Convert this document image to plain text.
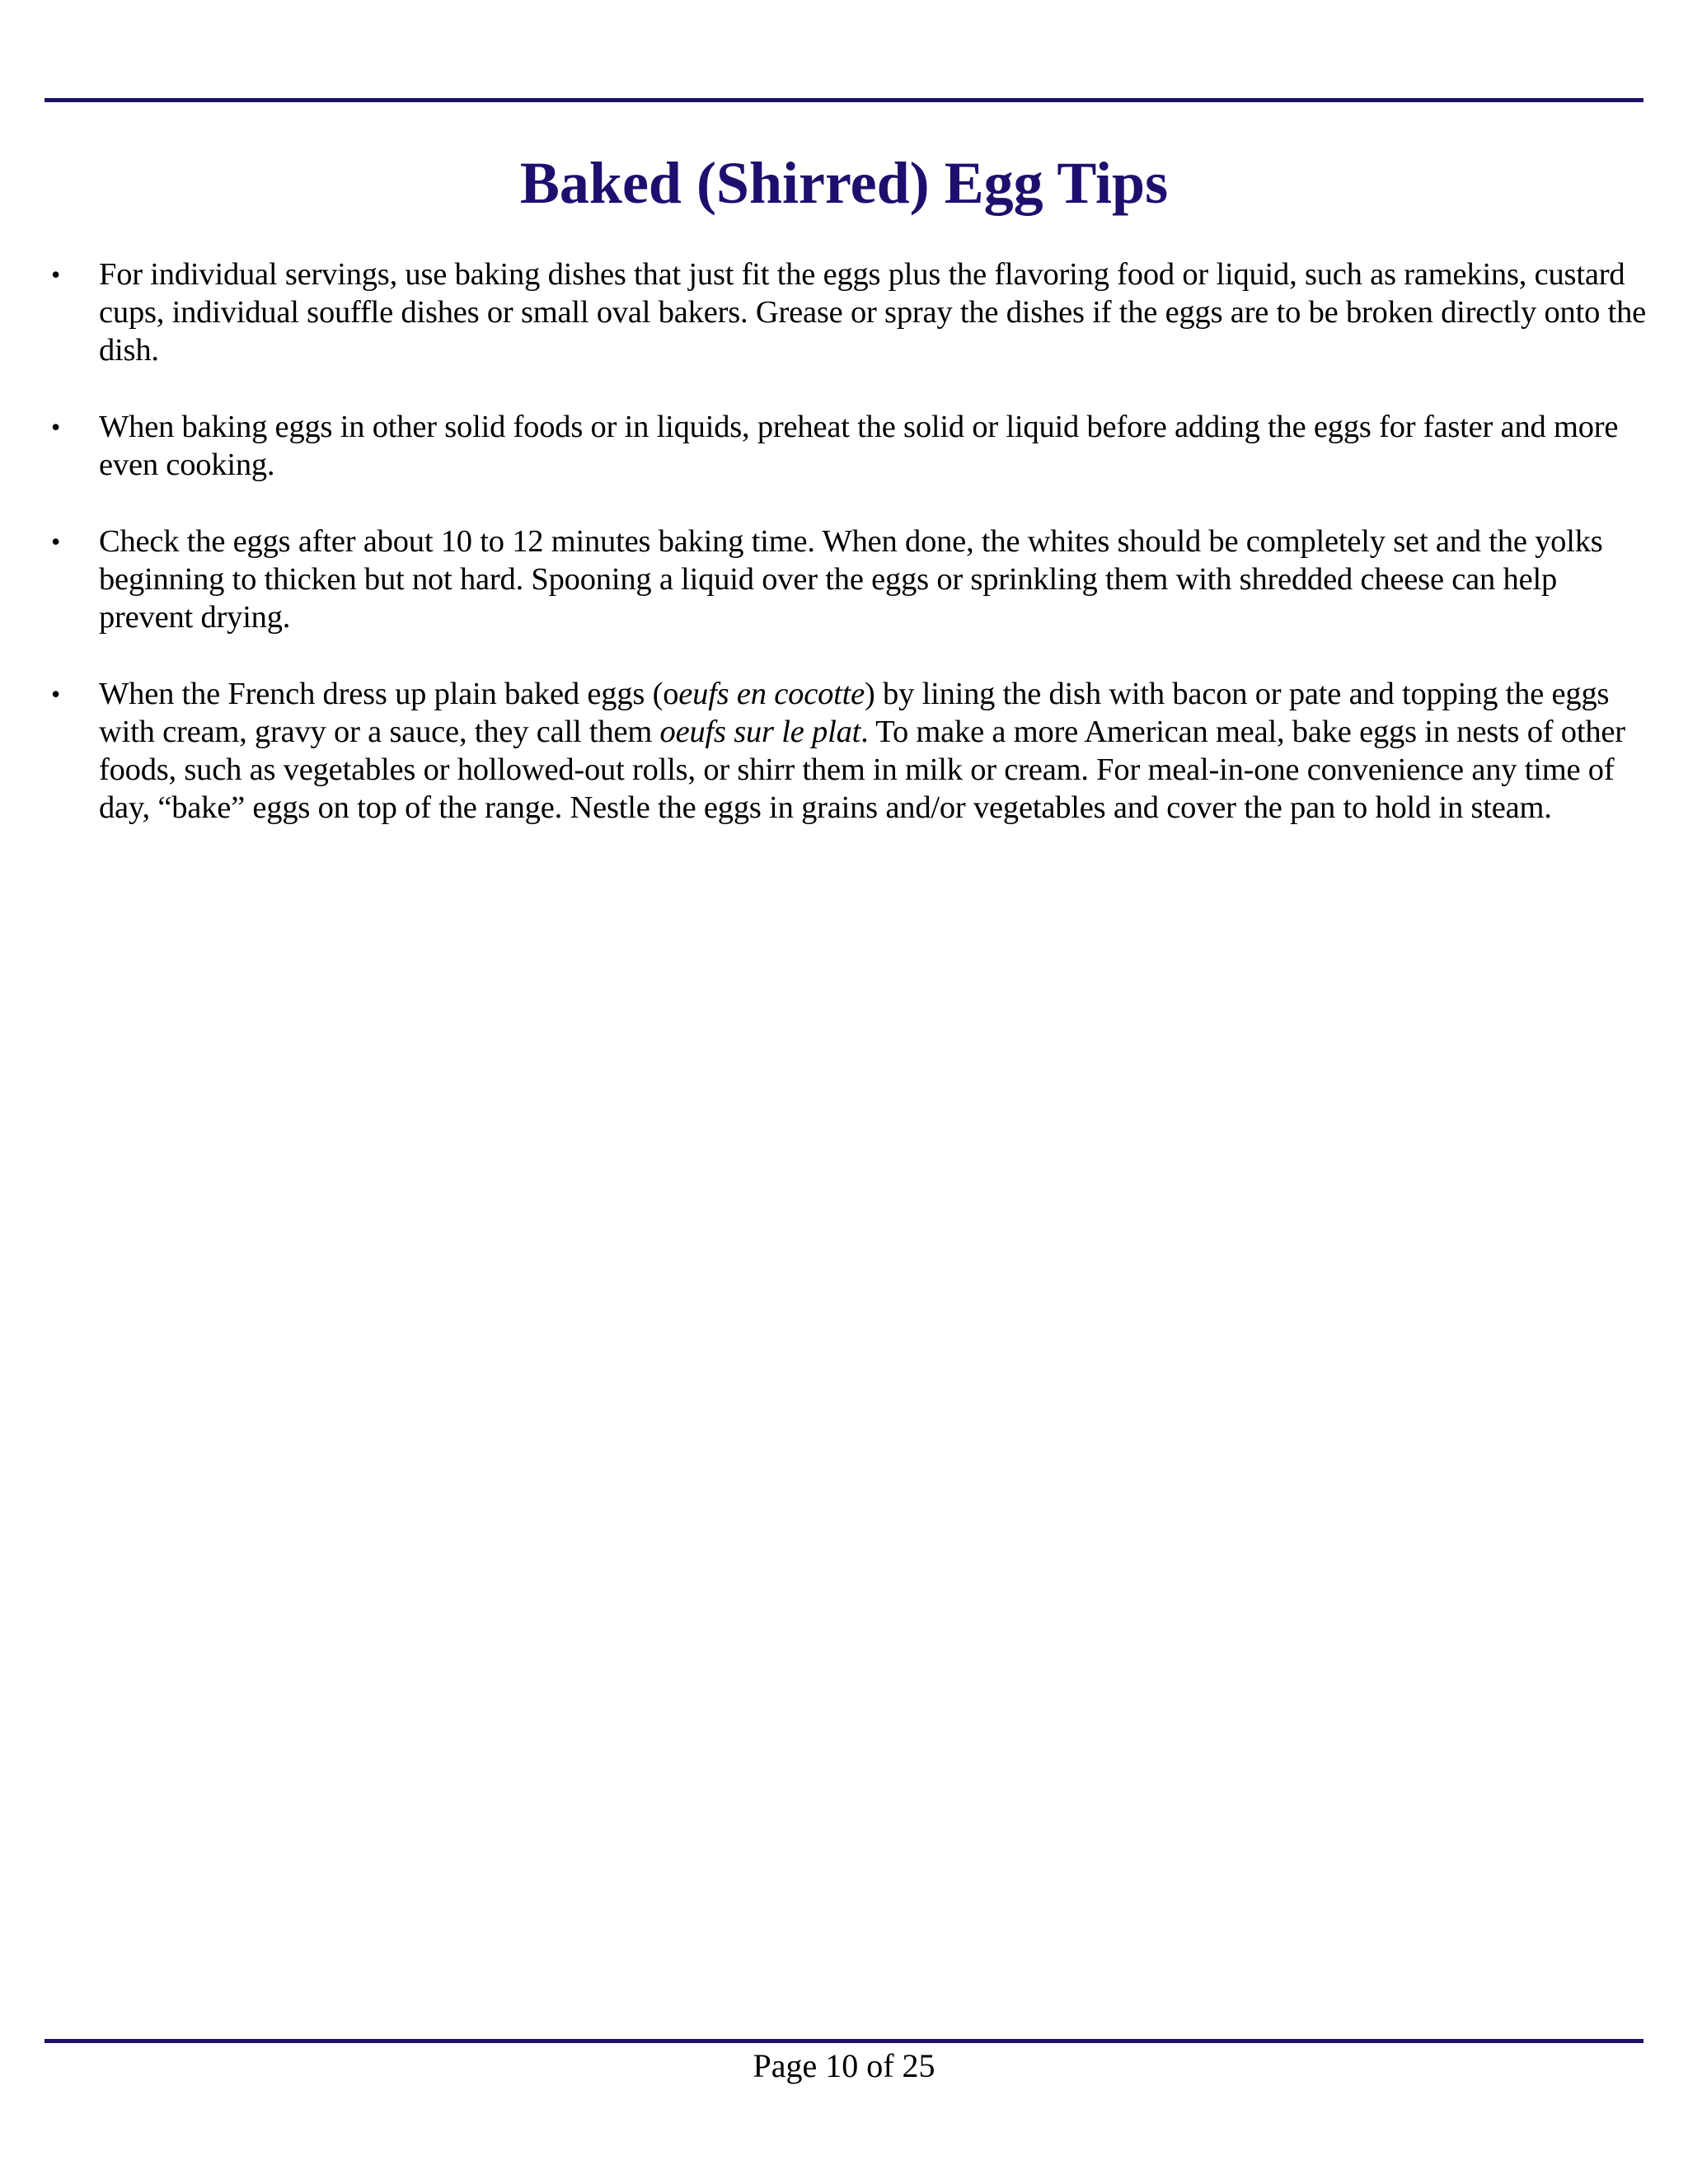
Baked (Shirred) Egg Tips
• For individual servings, use baking dishes that just fit the eggs plus the flavoring food or liquid, such as ramekins, custard cups, individual souffle dishes or small oval bakers. Grease or spray the dishes if the eggs are to be broken directly onto the dish.
• When baking eggs in other solid foods or in liquids, preheat the solid or liquid before adding the eggs for faster and more even cooking.
• Check the eggs after about 10 to 12 minutes baking time. When done, the whites should be completely set and the yolks beginning to thicken but not hard. Spooning a liquid over the eggs or sprinkling them with shredded cheese can help prevent drying.
• When the French dress up plain baked eggs (oeufs en cocotte) by lining the dish with bacon or pate and topping the eggs with cream, gravy or a sauce, they call them oeufs sur le plat. To make a more American meal, bake eggs in nests of other foods, such as vegetables or hollowed-out rolls, or shirr them in milk or cream. For meal-in-one convenience any time of day, “bake” eggs on top of the range. Nestle the eggs in grains and/or vegetables and cover the pan to hold in steam.
Page 10 of 25
